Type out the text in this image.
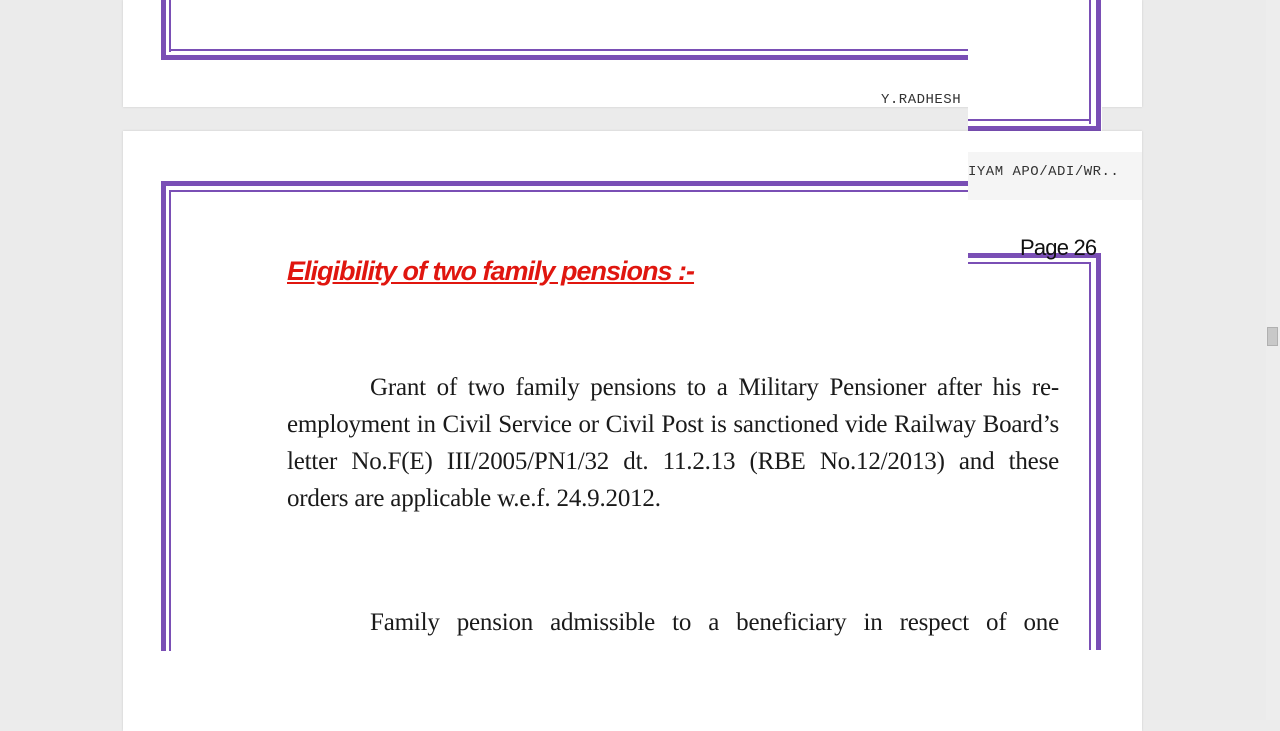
Y.RADHESH
IYAM APO/ADI/WR..
Page 26
Eligibility of two family pensions :-
Grant of two family pensions to a Military Pensioner after his re-employment in Civil Service or Civil Post is sanctioned vide Railway Board’s letter No.F(E) III/2005/PN1/32 dt. 11.2.13 (RBE No.12/2013) and these orders are applicable w.e.f. 24.9.2012.
Family pension admissible to a beneficiary in respect of one
